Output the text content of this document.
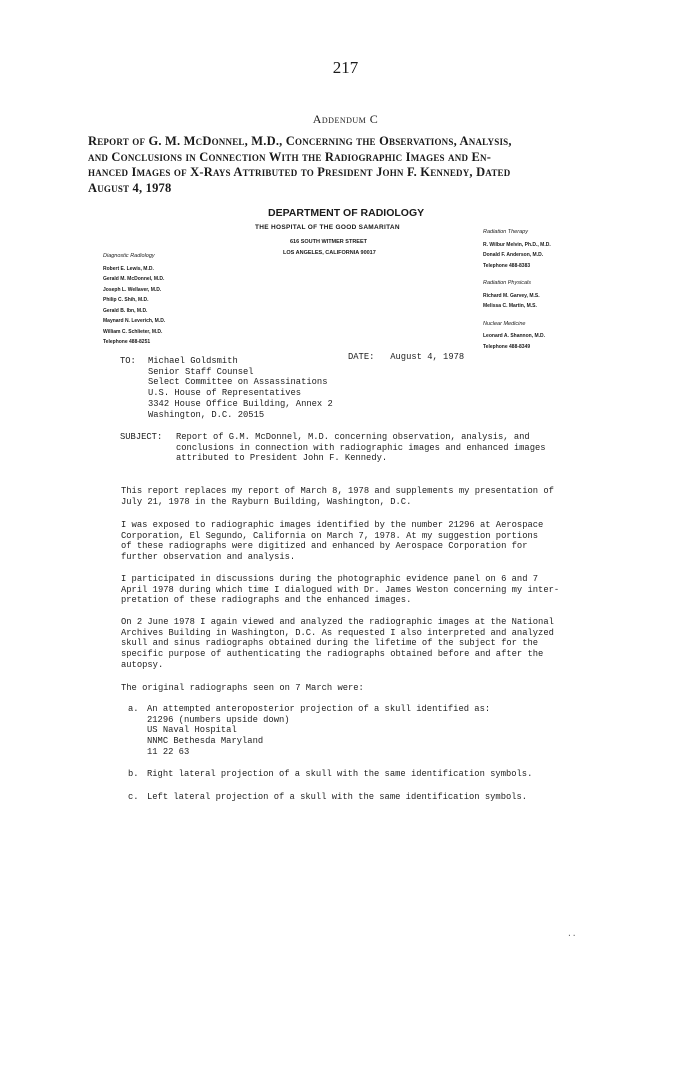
217
Addendum C
Report of G. M. McDonnel, M.D., Concerning the Observations, Analysis,
and Conclusions in Connection With the Radiographic Images and En-
hanced Images of X-Rays Attributed to President John F. Kennedy, Dated
August 4, 1978
DEPARTMENT OF RADIOLOGY
THE HOSPITAL OF THE GOOD SAMARITAN
616 SOUTH WITMER STREET
LOS ANGELES, CALIFORNIA 90017
Diagnostic Radiology
Robert E. Lewis, M.D.
Gerald M. McDonnel, M.D.
Joseph L. Wellaver, M.D.
Philip C. Shih, M.D.
Gerald B. Ibn, M.D.
Maynard N. Leverich, M.D.
William C. Schlieter, M.D.
Telephone 488-8251
Radiation Therapy
R. Wilbur Melvin, Ph.D., M.D.
Donald F. Anderson, M.D.
Telephone 488-8383
Radiation Physicals
Richard M. Garvey, M.S.
Melissa C. Martin, M.S.
Nuclear Medicine
Leonard A. Shannon, M.D.
Telephone 488-8349
TO: Michael Goldsmith
Senior Staff Counsel
Select Committee on Assassinations
U.S. House of Representatives
3342 House Office Building, Annex 2
Washington, D.C. 20515
DATE: August 4, 1978
SUBJECT: Report of G.M. McDonnel, M.D. concerning observation, analysis, and
conclusions in connection with radiographic images and enhanced images
attributed to President John F. Kennedy.
This report replaces my report of March 8, 1978 and supplements my presentation of
July 21, 1978 in the Rayburn Building, Washington, D.C.
I was exposed to radiographic images identified by the number 21296 at Aerospace
Corporation, El Segundo, California on March 7, 1978. At my suggestion portions
of these radiographs were digitized and enhanced by Aerospace Corporation for
further observation and analysis.
I participated in discussions during the photographic evidence panel on 6 and 7
April 1978 during which time I dialogued with Dr. James Weston concerning my inter-
pretation of these radiographs and the enhanced images.
On 2 June 1978 I again viewed and analyzed the radiographic images at the National
Archives Building in Washington, D.C. As requested I also interpreted and analyzed
skull and sinus radiographs obtained during the lifetime of the subject for the
specific purpose of authenticating the radiographs obtained before and after the
autopsy.
The original radiographs seen on 7 March were:
a. An attempted anteroposterior projection of a skull identified as:
21296 (numbers upside down)
US Naval Hospital
NNMC Bethesda Maryland
11 22 63
b. Right lateral projection of a skull with the same identification symbols.
c. Left lateral projection of a skull with the same identification symbols.
..
